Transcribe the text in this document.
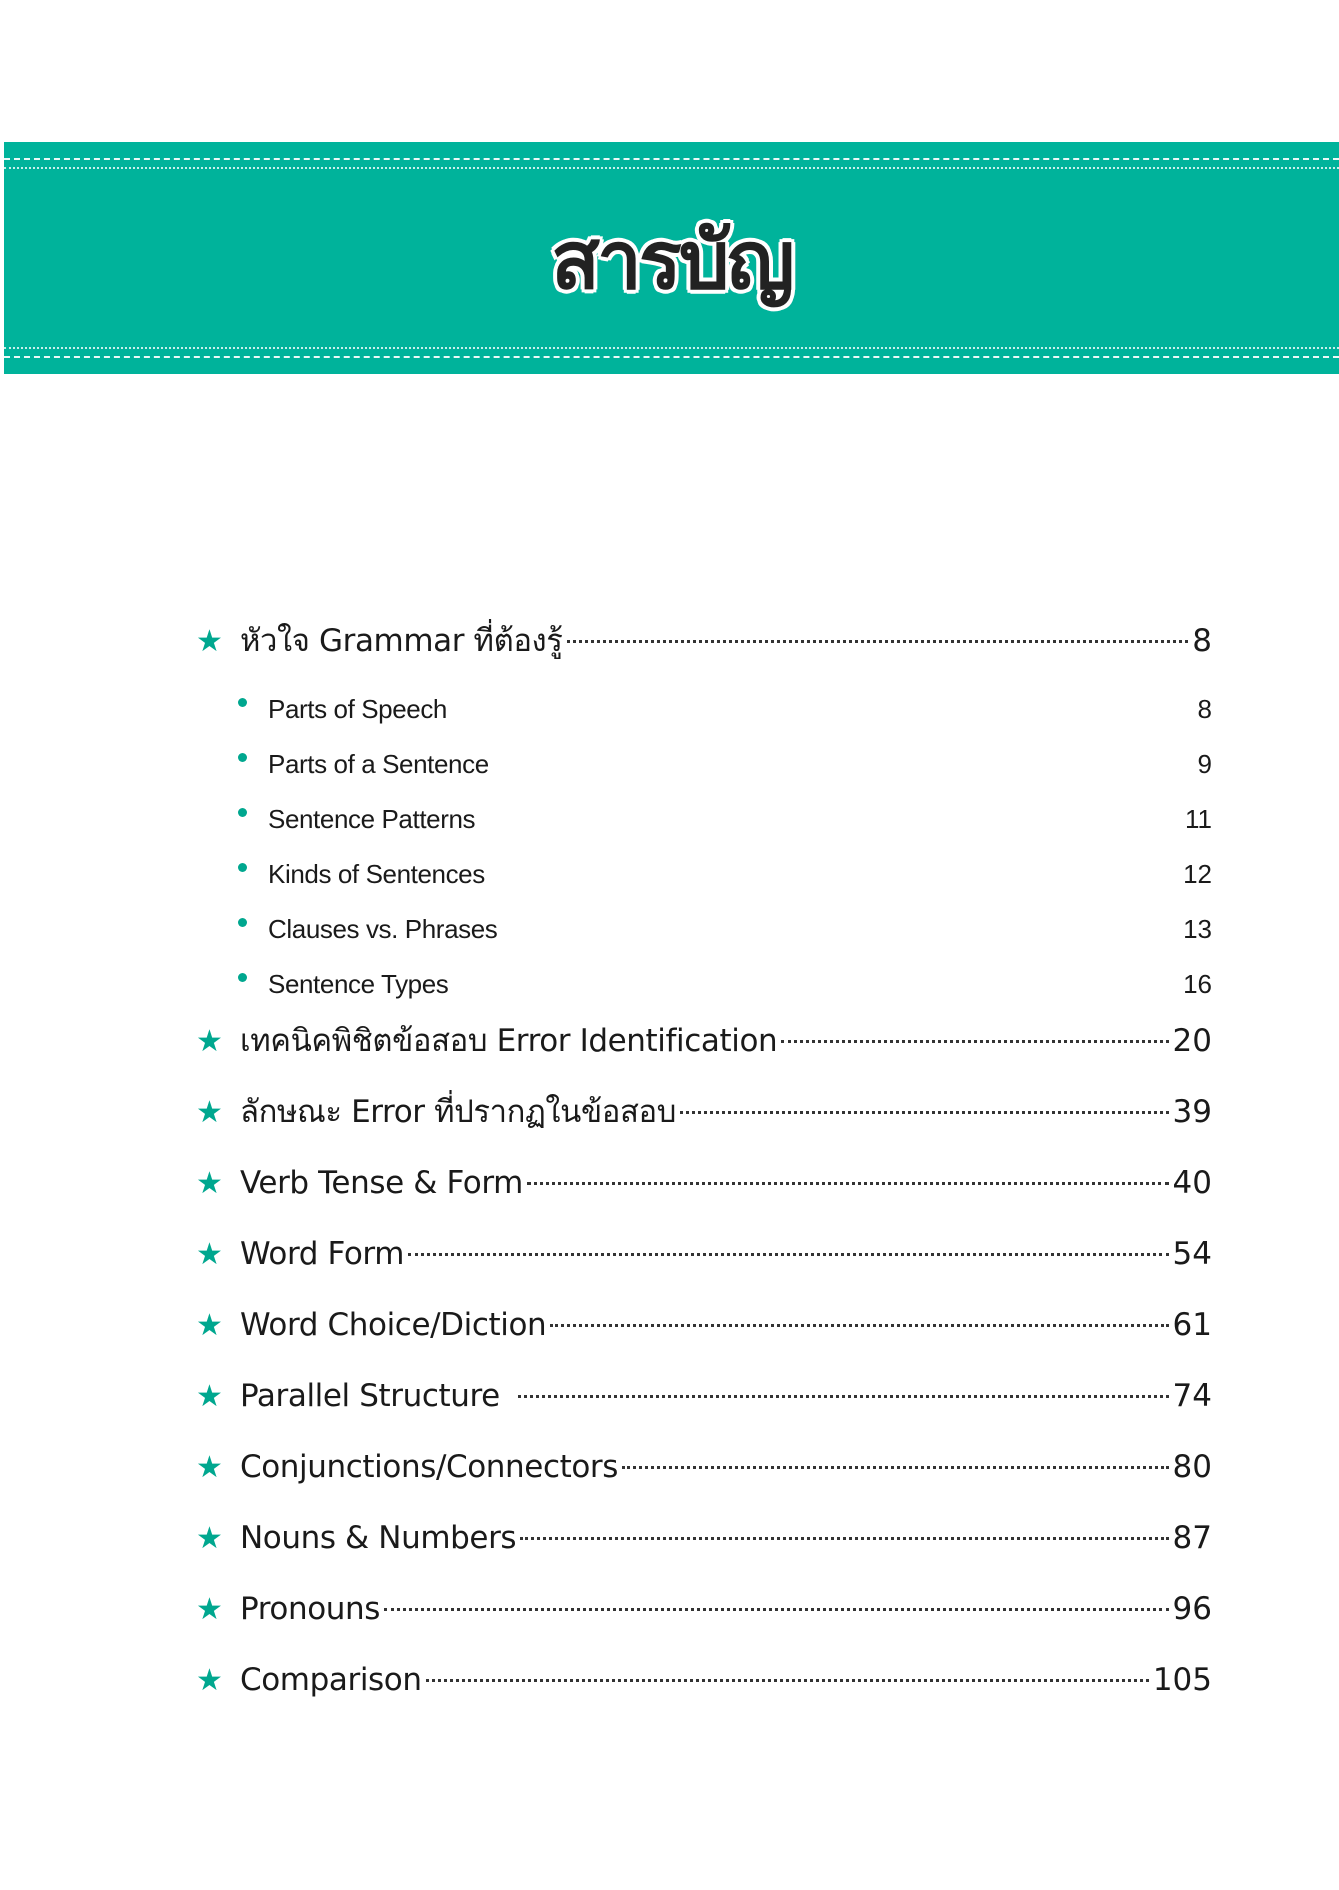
สารบัญ
★ หัวใจ Grammar ที่ต้องรู้	8
Parts of Speech	8
Parts of a Sentence	9
Sentence Patterns	11
Kinds of Sentences	12
Clauses vs. Phrases	13
Sentence Types	16
★ เทคนิคพิชิตข้อสอบ Error Identification	20
★ ลักษณะ Error ที่ปรากฏในข้อสอบ	39
★ Verb Tense & Form	40
★ Word Form	54
★ Word Choice/Diction	61
★ Parallel Structure	74
★ Conjunctions/Connectors	80
★ Nouns & Numbers	87
★ Pronouns	96
★ Comparison	105
